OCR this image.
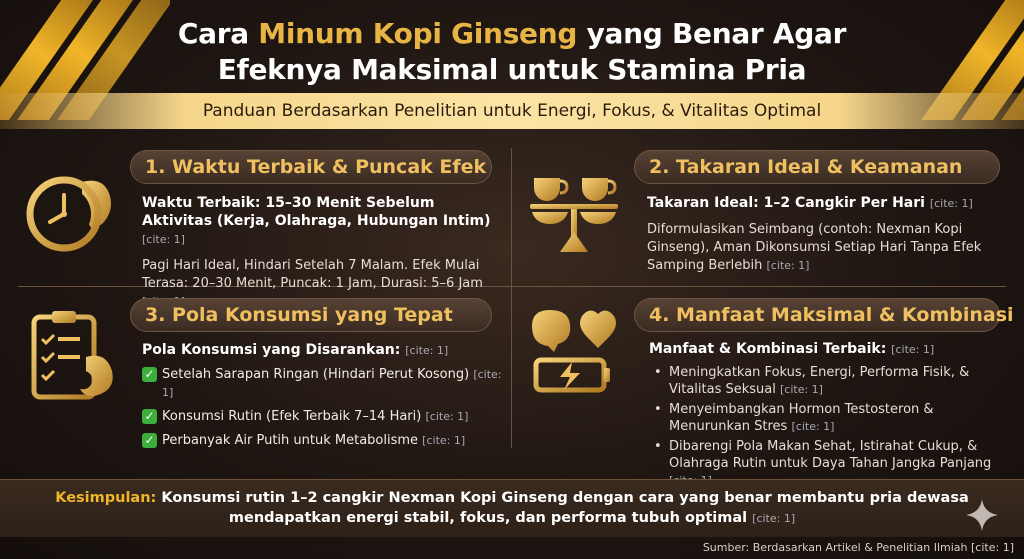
Cara Minum Kopi Ginseng yang Benar Agar
Efeknya Maksimal untuk Stamina Pria
Panduan Berdasarkan Penelitian untuk Energi, Fokus, & Vitalitas Optimal
1. Waktu Terbaik & Puncak Efek
Waktu Terbaik: 15–30 Menit Sebelum Aktivitas (Kerja, Olahraga, Hubungan Intim) [cite: 1]
Pagi Hari Ideal, Hindari Setelah 7 Malam. Efek Mulai Terasa: 20–30 Menit, Puncak: 1 Jam, Durasi: 5–6 Jam
2. Takaran Ideal & Keamanan
Takaran Ideal: 1–2 Cangkir Per Hari [cite: 1]
Diformulasikan Seimbang (contoh: Nexman Kopi Ginseng), Aman Dikonsumsi Setiap Hari Tanpa Efek Samping Berlebih [cite: 1]
3. Pola Konsumsi yang Tepat
Pola Konsumsi yang Disarankan: [cite: 1]
✓ Setelah Sarapan Ringan (Hindari Perut Kosong) [cite: 1]
✓ Konsumsi Rutin (Efek Terbaik 7–14 Hari) [cite: 1]
✓ Perbanyak Air Putih untuk Metabolisme [cite: 1]
4. Manfaat Maksimal & Kombinasi
Manfaat & Kombinasi Terbaik: [cite: 1]
• Meningkatkan Fokus, Energi, Performa Fisik, & Vitalitas Seksual [cite: 1]
• Menyeimbangkan Hormon Testosteron & Menurunkan Stres [cite: 1]
• Dibarengi Pola Makan Sehat, Istirahat Cukup, & Olahraga Rutin untuk Daya Tahan Jangka Panjang
Kesimpulan: Konsumsi rutin 1–2 cangkir Nexman Kopi Ginseng dengan cara yang benar membantu pria dewasa
mendapatkan energi stabil, fokus, dan performa tubuh optimal [cite: 1]
Sumber: Berdasarkan Artikel & Penelitian Ilmiah [cite: 1]
